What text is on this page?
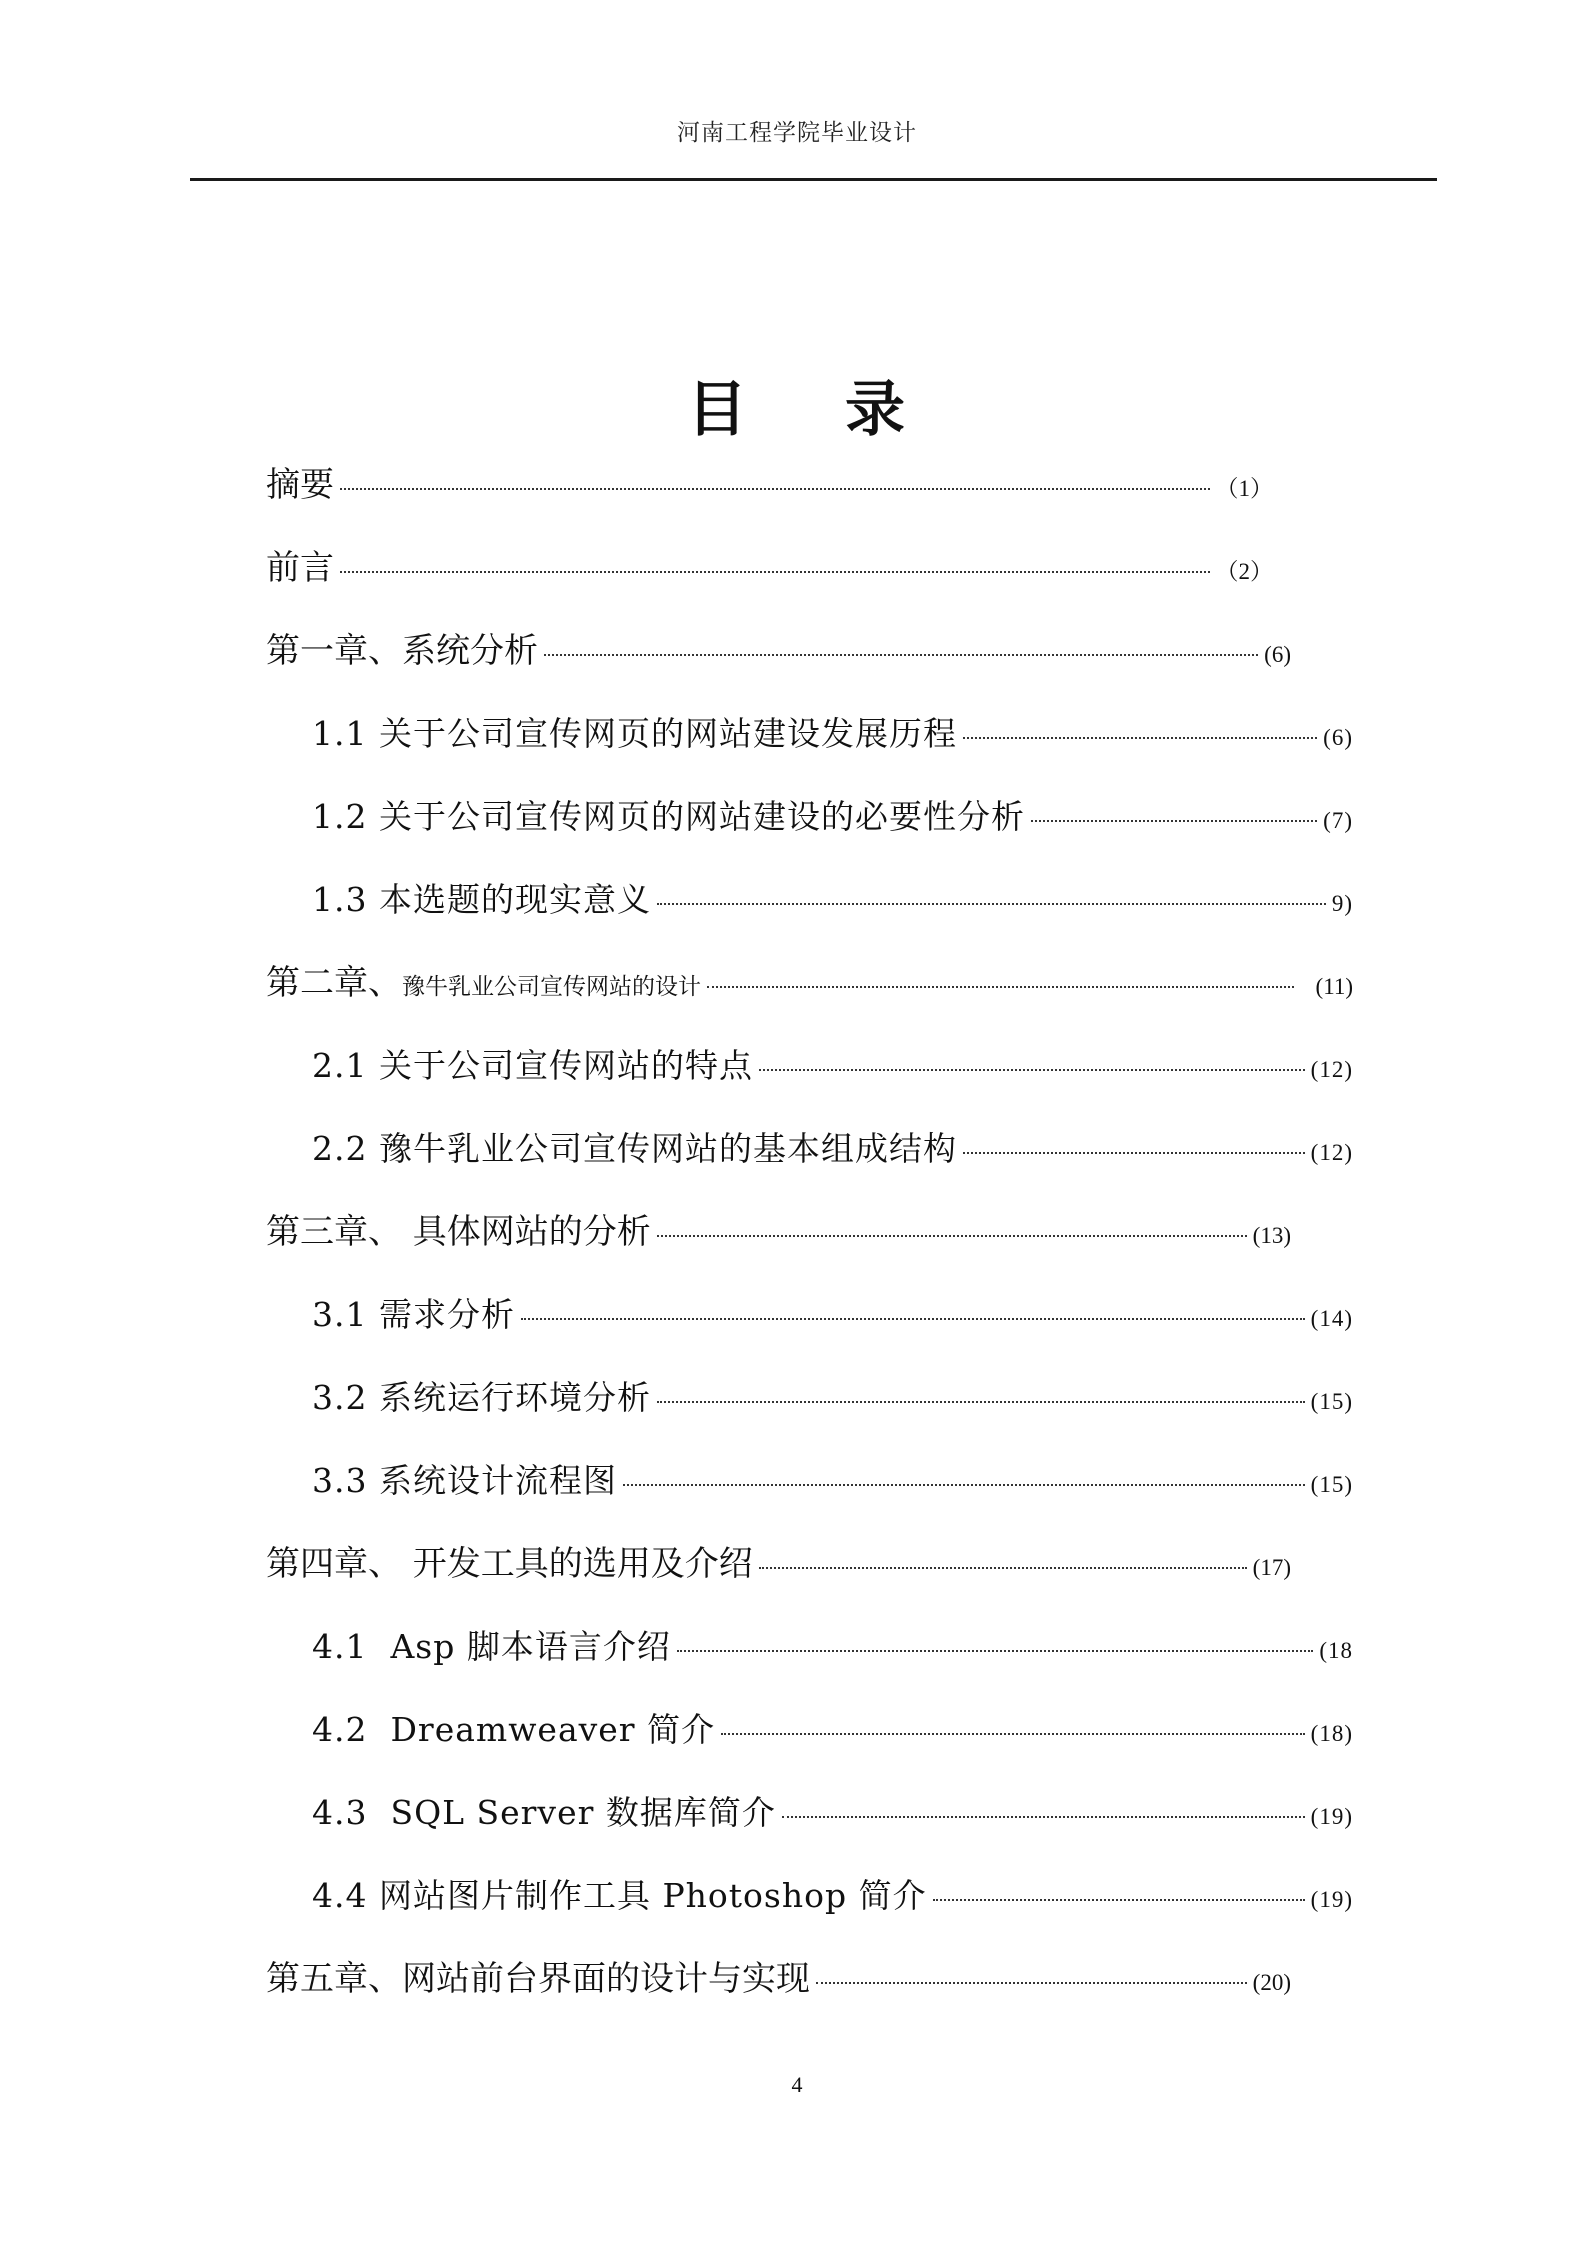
河南工程学院毕业设计
目 录
摘要	（1）
前言	（2）
第一章、系统分析	(6)
1.1 关于公司宣传网页的网站建设发展历程	(6)
1.2 关于公司宣传网页的网站建设的必要性分析	(7)
1.3 本选题的现实意义	9)
第二章、豫牛乳业公司宣传网站的设计	(11)
2.1 关于公司宣传网站的特点	(12)
2.2 豫牛乳业公司宣传网站的基本组成结构	(12)
第三章、 具体网站的分析	(13)
3.1 需求分析	(14)
3.2 系统运行环境分析	(15)
3.3 系统设计流程图	(15)
第四章、 开发工具的选用及介绍	(17)
4.1  Asp 脚本语言介绍	(18
4.2  Dreamweaver 简介	(18)
4.3  SQL Server 数据库简介	(19)
4.4 网站图片制作工具 Photoshop 简介	(19)
第五章、网站前台界面的设计与实现	(20)
4
